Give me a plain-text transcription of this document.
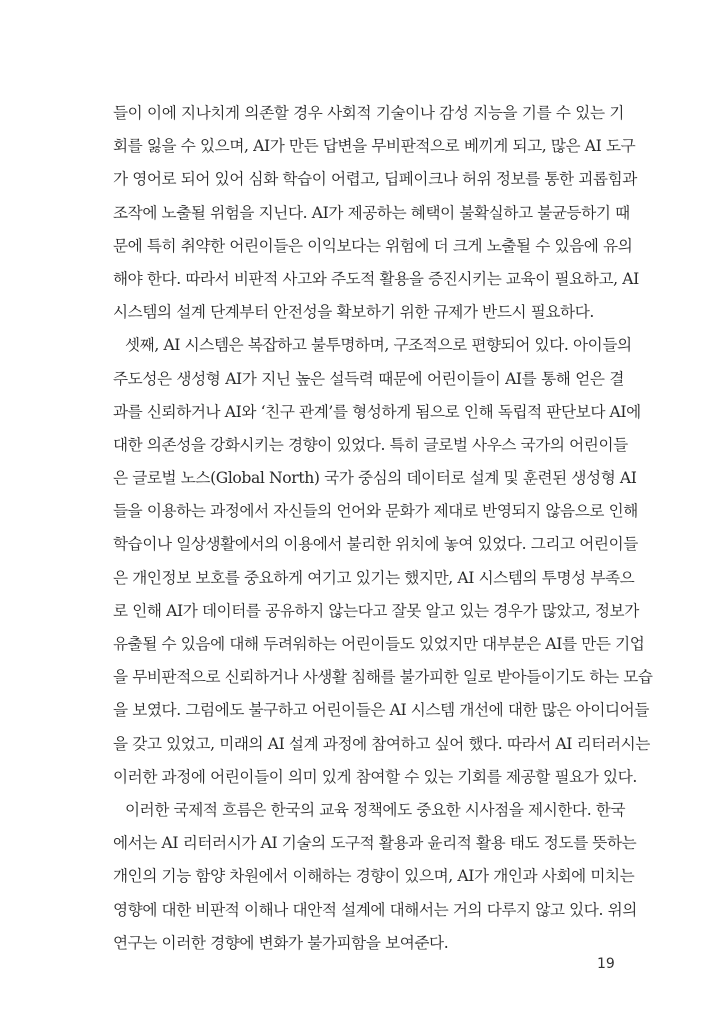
들이 이에 지나치게 의존할 경우 사회적 기술이나 감성 지능을 기를 수 있는 기
회를 잃을 수 있으며, AI가 만든 답변을 무비판적으로 베끼게 되고, 많은 AI 도구
가 영어로 되어 있어 심화 학습이 어렵고, 딥페이크나 허위 정보를 통한 괴롭힘과
조작에 노출될 위험을 지닌다. AI가 제공하는 혜택이 불확실하고 불균등하기 때
문에 특히 취약한 어린이들은 이익보다는 위험에 더 크게 노출될 수 있음에 유의
해야 한다. 따라서 비판적 사고와 주도적 활용을 증진시키는 교육이 필요하고, AI
시스템의 설계 단계부터 안전성을 확보하기 위한 규제가 반드시 필요하다.
셋째, AI 시스템은 복잡하고 불투명하며, 구조적으로 편향되어 있다. 아이들의
주도성은 생성형 AI가 지닌 높은 설득력 때문에 어린이들이 AI를 통해 얻은 결
과를 신뢰하거나 AI와 ‘친구 관계’를 형성하게 됨으로 인해 독립적 판단보다 AI에
대한 의존성을 강화시키는 경향이 있었다. 특히 글로벌 사우스 국가의 어린이들
은 글로벌 노스(Global North) 국가 중심의 데이터로 설계 및 훈련된 생성형 AI
들을 이용하는 과정에서 자신들의 언어와 문화가 제대로 반영되지 않음으로 인해
학습이나 일상생활에서의 이용에서 불리한 위치에 놓여 있었다. 그리고 어린이들
은 개인정보 보호를 중요하게 여기고 있기는 했지만, AI 시스템의 투명성 부족으
로 인해 AI가 데이터를 공유하지 않는다고 잘못 알고 있는 경우가 많았고, 정보가
유출될 수 있음에 대해 두려워하는 어린이들도 있었지만 대부분은 AI를 만든 기업
을 무비판적으로 신뢰하거나 사생활 침해를 불가피한 일로 받아들이기도 하는 모습
을 보였다. 그럼에도 불구하고 어린이들은 AI 시스템 개선에 대한 많은 아이디어들
을 갖고 있었고, 미래의 AI 설계 과정에 참여하고 싶어 했다. 따라서 AI 리터러시는
이러한 과정에 어린이들이 의미 있게 참여할 수 있는 기회를 제공할 필요가 있다.
이러한 국제적 흐름은 한국의 교육 정책에도 중요한 시사점을 제시한다. 한국
에서는 AI 리터러시가 AI 기술의 도구적 활용과 윤리적 활용 태도 정도를 뜻하는
개인의 기능 함양 차원에서 이해하는 경향이 있으며, AI가 개인과 사회에 미치는
영향에 대한 비판적 이해나 대안적 설계에 대해서는 거의 다루지 않고 있다. 위의
연구는 이러한 경향에 변화가 불가피함을 보여준다.
19
